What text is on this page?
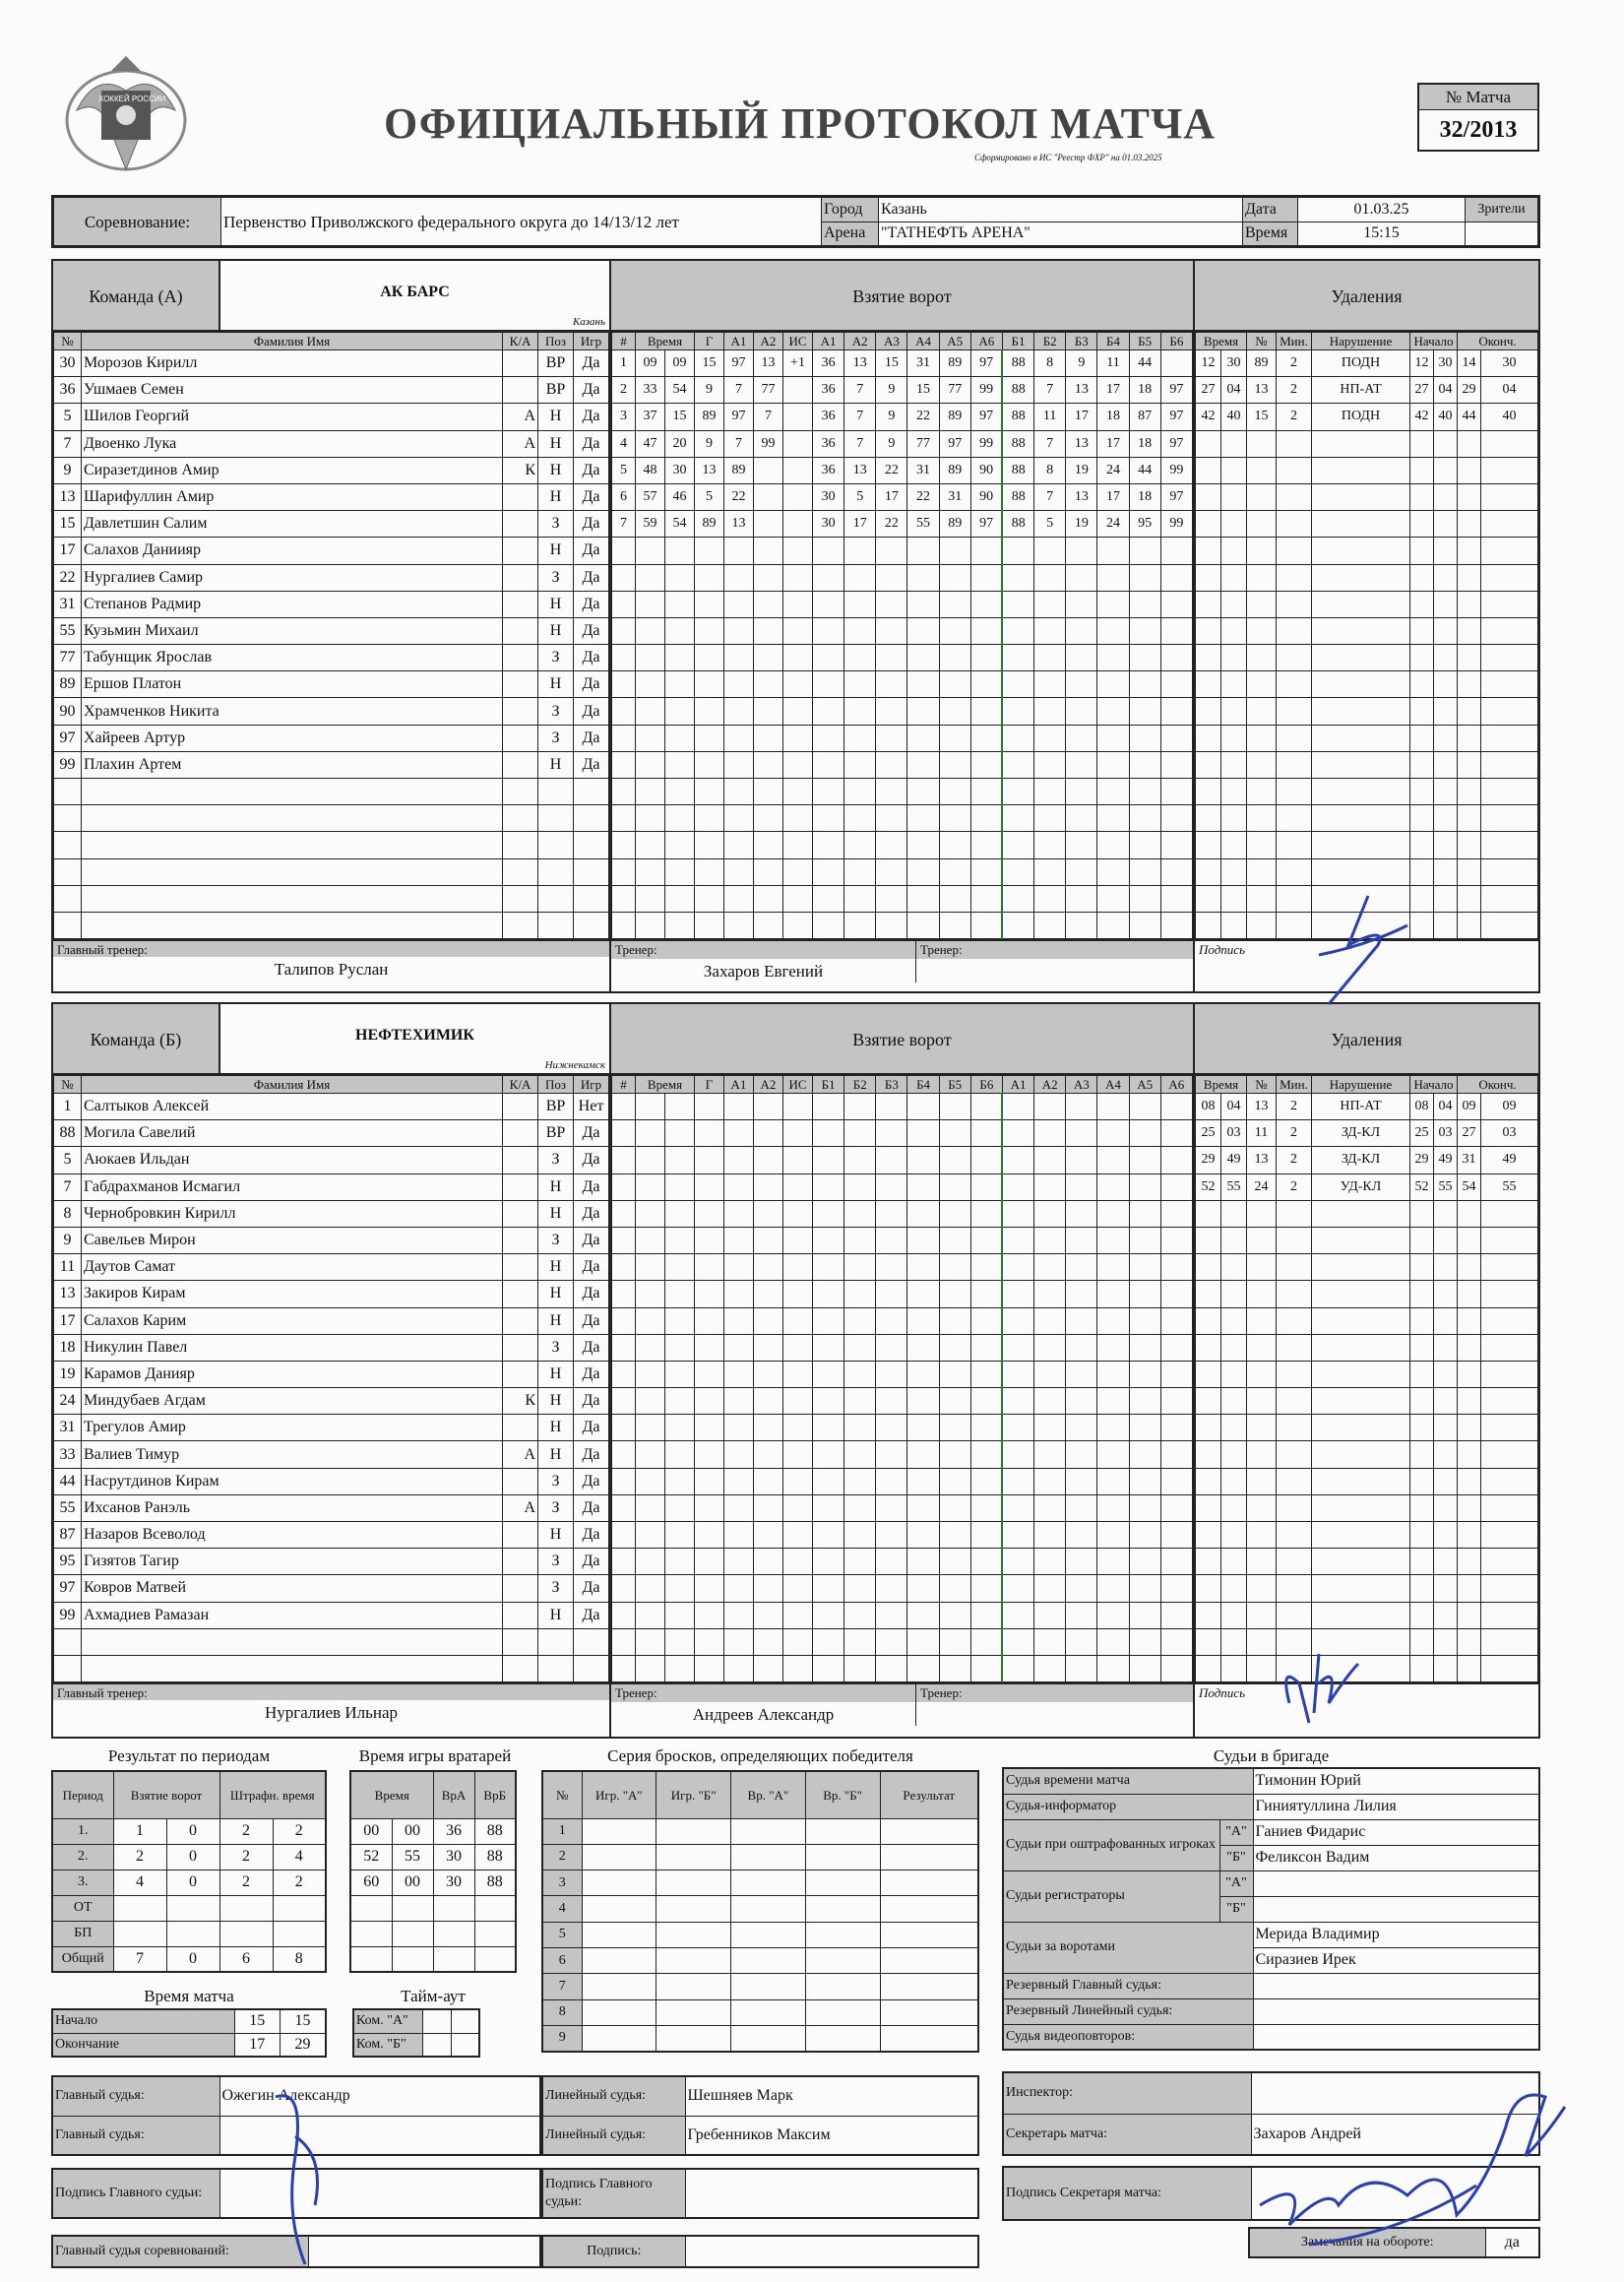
ХОККЕЙ РОССИИ
ОФИЦИАЛЬНЫЙ ПРОТОКОЛ МАТЧА
Сформировано в ИС "Реестр ФХР" на 01.03.2025
№ Матча
32/2013
Соревнование:	Первенство Приволжского федерального округа до 14/13/12 лет	Город	Казань	Дата	01.03.25	Зрители
		Арена	"ТАТНЕФТЬ АРЕНА"	Время	15:15	
Команда (А)	АК БАРС
Казань
№	Фамилия Имя	К/А	Поз	Игр
30	Морозов Кирилл		ВР	Да
36	Ушмаев Семен		ВР	Да
5	Шилов Георгий	А	Н	Да
7	Двоенко Лука	А	Н	Да
9	Сиразетдинов Амир	К	Н	Да
13	Шарифуллин Амир		Н	Да
15	Давлетшин Салим		З	Да
17	Салахов Даниияр		Н	Да
22	Нургалиев Самир		З	Да
31	Степанов Радмир		Н	Да
55	Кузьмин Михаил		Н	Да
77	Табунщик Ярослав		З	Да
89	Ершов Платон		Н	Да
90	Храмченков Никита		З	Да
97	Хайреев Артур		З	Да
99	Плахин Артем		Н	Да

Главный тренер:
Талипов Руслан

Взятие ворот
#	Время	Г	А1	А2	ИС	А1	А2	А3	А4	А5	А6	Б1	Б2	Б3	Б4	Б5	Б6
1	09	09	15	97	13	+1	36	13	15	31	89	97	88	8	9	11	44	
2	33	54	9	7	77		36	7	9	15	77	99	88	7	13	17	18	97
3	37	15	89	97	7		36	7	9	22	89	97	88	11	17	18	87	97
4	47	20	9	7	99		36	7	9	77	97	99	88	7	13	17	18	97
5	48	30	13	89			36	13	22	31	89	90	88	8	19	24	44	99
6	57	46	5	22			30	5	17	22	31	90	88	7	13	17	18	97
7	59	54	89	13			30	17	22	55	89	97	88	5	19	24	95	99

Тренер:
Захаров Евгений
Тренер:

Удаления
Время	№	Мин.	Нарушение	Начало	Оконч.
12	30	89	2	ПОДН	12	30	14	30
27	04	13	2	НП-АТ	27	04	29	04
42	40	15	2	ПОДН	42	40	44	40

Подпись
Команда (Б)	НЕФТЕХИМИК
Нижнекамск
№	Фамилия Имя	К/А	Поз	Игр
1	Салтыков Алексей		ВР	Нет
88	Могила Савелий		ВР	Да
5	Аюкаев Ильдан		З	Да
7	Габдрахманов Исмагил		Н	Да
8	Чернобровкин Кирилл		Н	Да
9	Савельев Мирон		З	Да
11	Даутов Самат		Н	Да
13	Закиров Кирам		Н	Да
17	Салахов Карим		Н	Да
18	Никулин Павел		З	Да
19	Карамов Данияр		Н	Да
24	Миндубаев Агдам	К	Н	Да
31	Трегулов Амир		Н	Да
33	Валиев Тимур	А	Н	Да
44	Насрутдинов Кирам		З	Да
55	Ихсанов Ранэль	А	З	Да
87	Назаров Всеволод		Н	Да
95	Гизятов Тагир		З	Да
97	Ковров Матвей		З	Да
99	Ахмадиев Рамазан		Н	Да

Главный тренер:
Нургалиев Ильнар

Взятие ворот
#	Время	Г	А1	А2	ИС	Б1	Б2	Б3	Б4	Б5	Б6	А1	А2	А3	А4	А5	А6

Тренер:
Андреев Александр
Тренер:

Удаления
Время	№	Мин.	Нарушение	Начало	Оконч.
08	04	13	2	НП-АТ	08	04	09	09
25	03	11	2	ЗД-КЛ	25	03	27	03
29	49	13	2	ЗД-КЛ	29	49	31	49
52	55	24	2	УД-КЛ	52	55	54	55

Подпись
Результат по периодам
Период	Взятие ворот		Штрафн. время	
1.	1	0	2	2
2.	2	0	2	4
3.	4	0	2	2
ОТ				
БП				
Общий	7	0	6	8
Время игры вратарей
Время		ВрА	ВрБ
00	00	36	88
52	55	30	88
60	00	30	88

Время матча
Начало	15	15
Окончание	17	29
Тайм-аут
Ком. "А"		
Ком. "Б"		
Серия бросков, определяющих победителя
№	Игр. "А"	Игр. "Б"	Вр. "А"	Вр. "Б"	Результат
1					
2					
3					
4					
5					
6					
7					
8					
9					
Судьи в бригаде
Судья времени матча		Тимонин Юрий
Судья-информатор		Гиниятуллина Лилия
Судьи при оштрафованных игроках	"А"	Ганиев Фидарис
	"Б"	Феликсон Вадим
Судьи регистраторы	"А"	
	"Б"	
Судьи за воротами		Мерида Владимир
		Сиразиев Ирек
Резервный Главный судья:		
Резервный Линейный судья:		
Судья видеоповторов:		
Главный судья:	Ожегин Александр
Главный судья:	
Линейный судья:	Шешняев Марк
Линейный судья:	Гребенников Максим
Инспектор:	
Секретарь матча:	Захаров Андрей
Подпись Главного судьи:	
Подпись Главного судьи:	
Подпись Секретаря матча:	
Главный судья соревнований:		Подпись:	
Замечания на обороте:	да
